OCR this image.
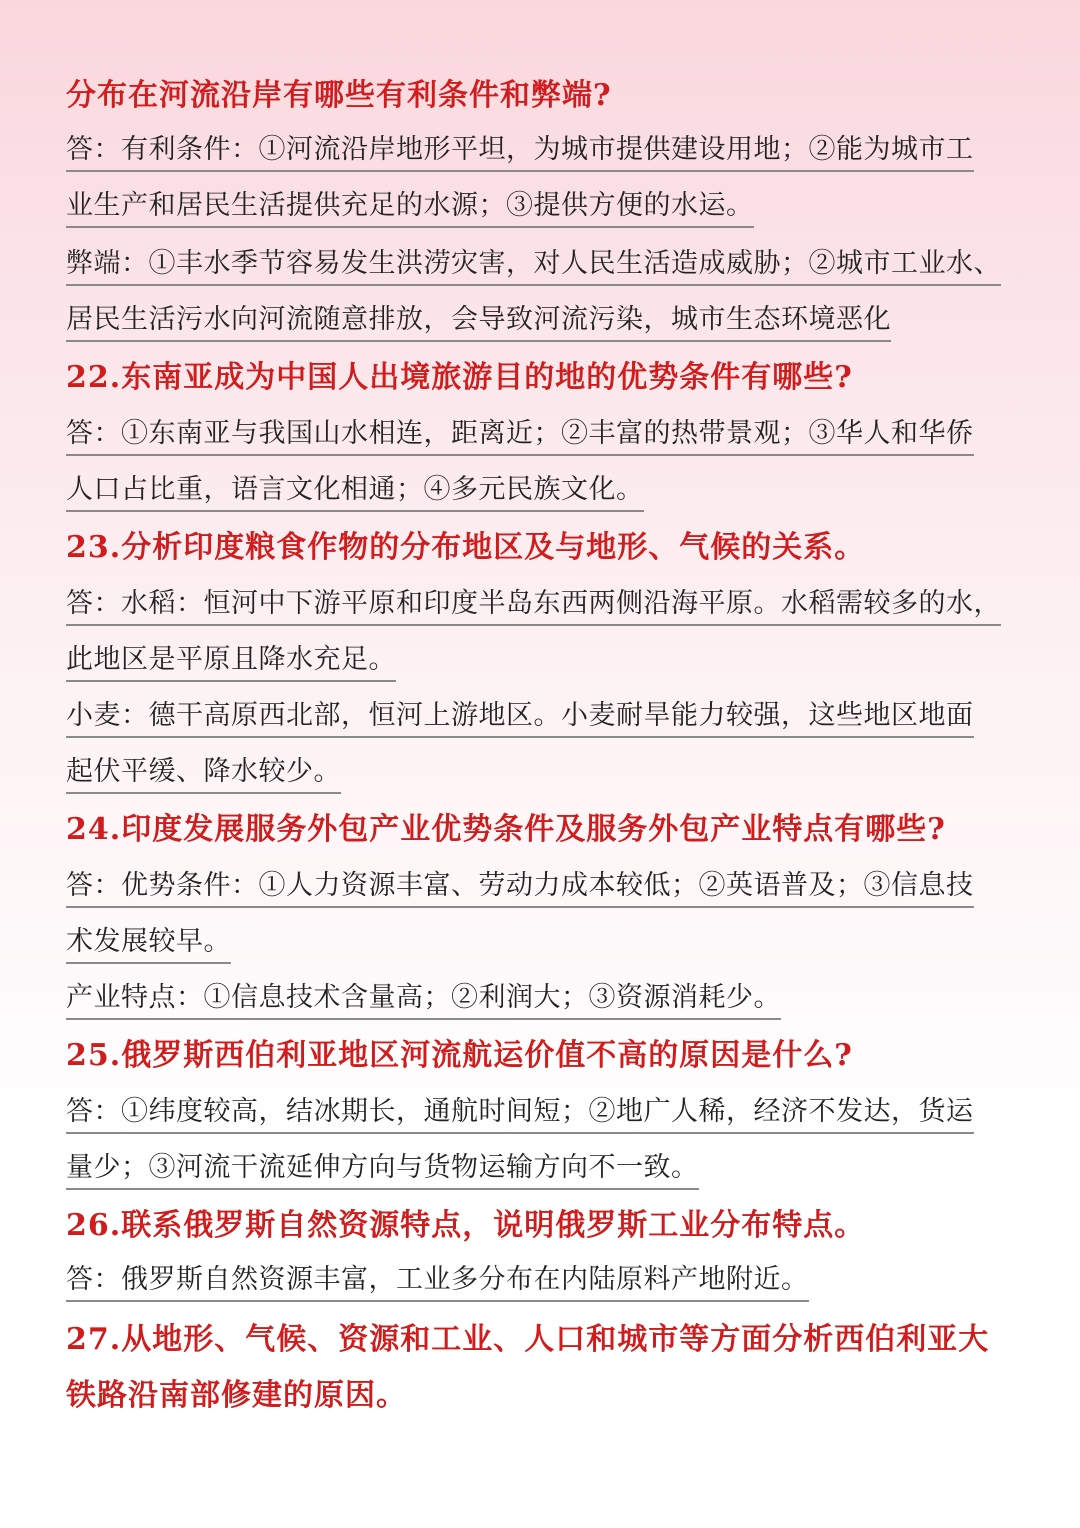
分布在河流沿岸有哪些有利条件和弊端?
答：有利条件：①河流沿岸地形平坦，为城市提供建设用地；②能为城市工
业生产和居民生活提供充足的水源；③提供方便的水运。
弊端：①丰水季节容易发生洪涝灾害，对人民生活造成威胁；②城市工业水、
居民生活污水向河流随意排放，会导致河流污染，城市生态环境恶化
22.东南亚成为中国人出境旅游目的地的优势条件有哪些?
答：①东南亚与我国山水相连，距离近；②丰富的热带景观；③华人和华侨
人口占比重，语言文化相通；④多元民族文化。
23.分析印度粮食作物的分布地区及与地形、气候的关系。
答：水稻：恒河中下游平原和印度半岛东西两侧沿海平原。水稻需较多的水，
此地区是平原且降水充足。
小麦：德干高原西北部，恒河上游地区。小麦耐旱能力较强，这些地区地面
起伏平缓、降水较少。
24.印度发展服务外包产业优势条件及服务外包产业特点有哪些?
答：优势条件：①人力资源丰富、劳动力成本较低；②英语普及；③信息技
术发展较早。
产业特点：①信息技术含量高；②利润大；③资源消耗少。
25.俄罗斯西伯利亚地区河流航运价值不高的原因是什么?
答：①纬度较高，结冰期长，通航时间短；②地广人稀，经济不发达，货运
量少；③河流干流延伸方向与货物运输方向不一致。
26.联系俄罗斯自然资源特点，说明俄罗斯工业分布特点。
答：俄罗斯自然资源丰富，工业多分布在内陆原料产地附近。
27.从地形、气候、资源和工业、人口和城市等方面分析西伯利亚大
铁路沿南部修建的原因。
